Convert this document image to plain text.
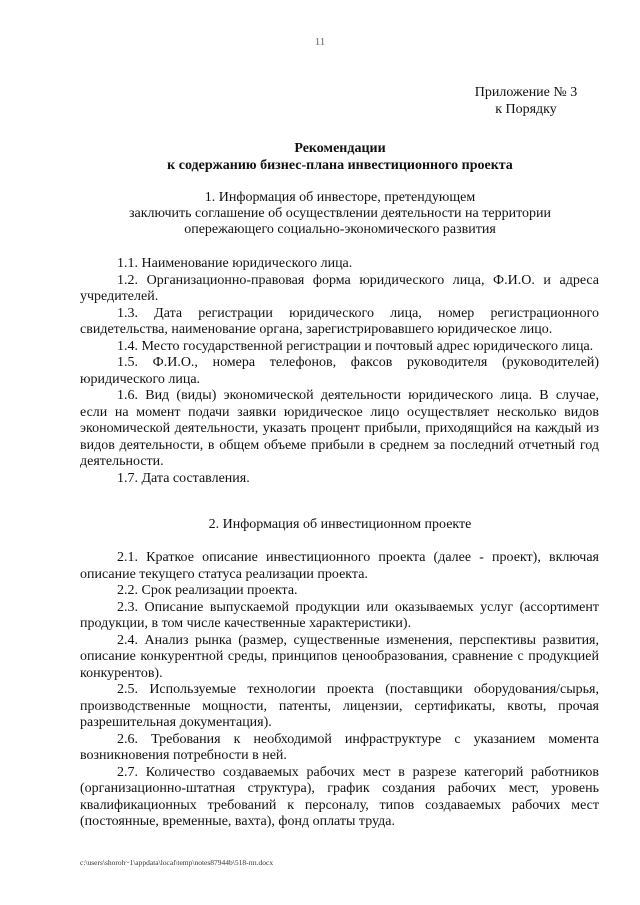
11
Приложение № 3
к Порядку
Рекомендации
к содержанию бизнес-плана инвестиционного проекта
1. Информация об инвесторе, претендующем
заключить соглашение об осуществлении деятельности на территории
опережающего социально-экономического развития

1.1. Наименование юридического лица.

1.2. Организационно-правовая форма юридического лица, Ф.И.О. и адреса учредителей.

1.3. Дата регистрации юридического лица, номер регистрационного свидетельства, наименование органа, зарегистрировавшего юридическое лицо.

1.4. Место государственной регистрации и почтовый адрес юридического лица.

1.5. Ф.И.О., номера телефонов, факсов руководителя (руководителей) юридического лица.

1.6. Вид (виды) экономической деятельности юридического лица. В случае, если на момент подачи заявки юридическое лицо осуществляет несколько видов экономической деятельности, указать процент прибыли, приходящийся на каждый из видов деятельности, в общем объеме прибыли в среднем за последний отчетный год деятельности.

1.7. Дата составления.

2. Информация об инвестиционном проекте

2.1. Краткое описание инвестиционного проекта (далее - проект), включая описание текущего статуса реализации проекта.

2.2. Срок реализации проекта.

2.3. Описание выпускаемой продукции или оказываемых услуг (ассортимент продукции, в том числе качественные характеристики).

2.4. Анализ рынка (размер, существенные изменения, перспективы развития, описание конкурентной среды, принципов ценообразования, сравнение с продукцией конкурентов).

2.5. Используемые технологии проекта (поставщики оборудования/сырья, производственные мощности, патенты, лицензии, сертификаты, квоты, прочая разрешительная документация).

2.6. Требования к необходимой инфраструктуре с указанием момента возникновения потребности в ней.

2.7. Количество создаваемых рабочих мест в разрезе категорий работников (организационно-штатная структура), график создания рабочих мест, уровень квалификационных требований к персоналу, типов создаваемых рабочих мест (постоянные, временные, вахта), фонд оплаты труда.

c:\users\shoroh~1\appdata\local\temp\notes87944b\518-пп.docx
